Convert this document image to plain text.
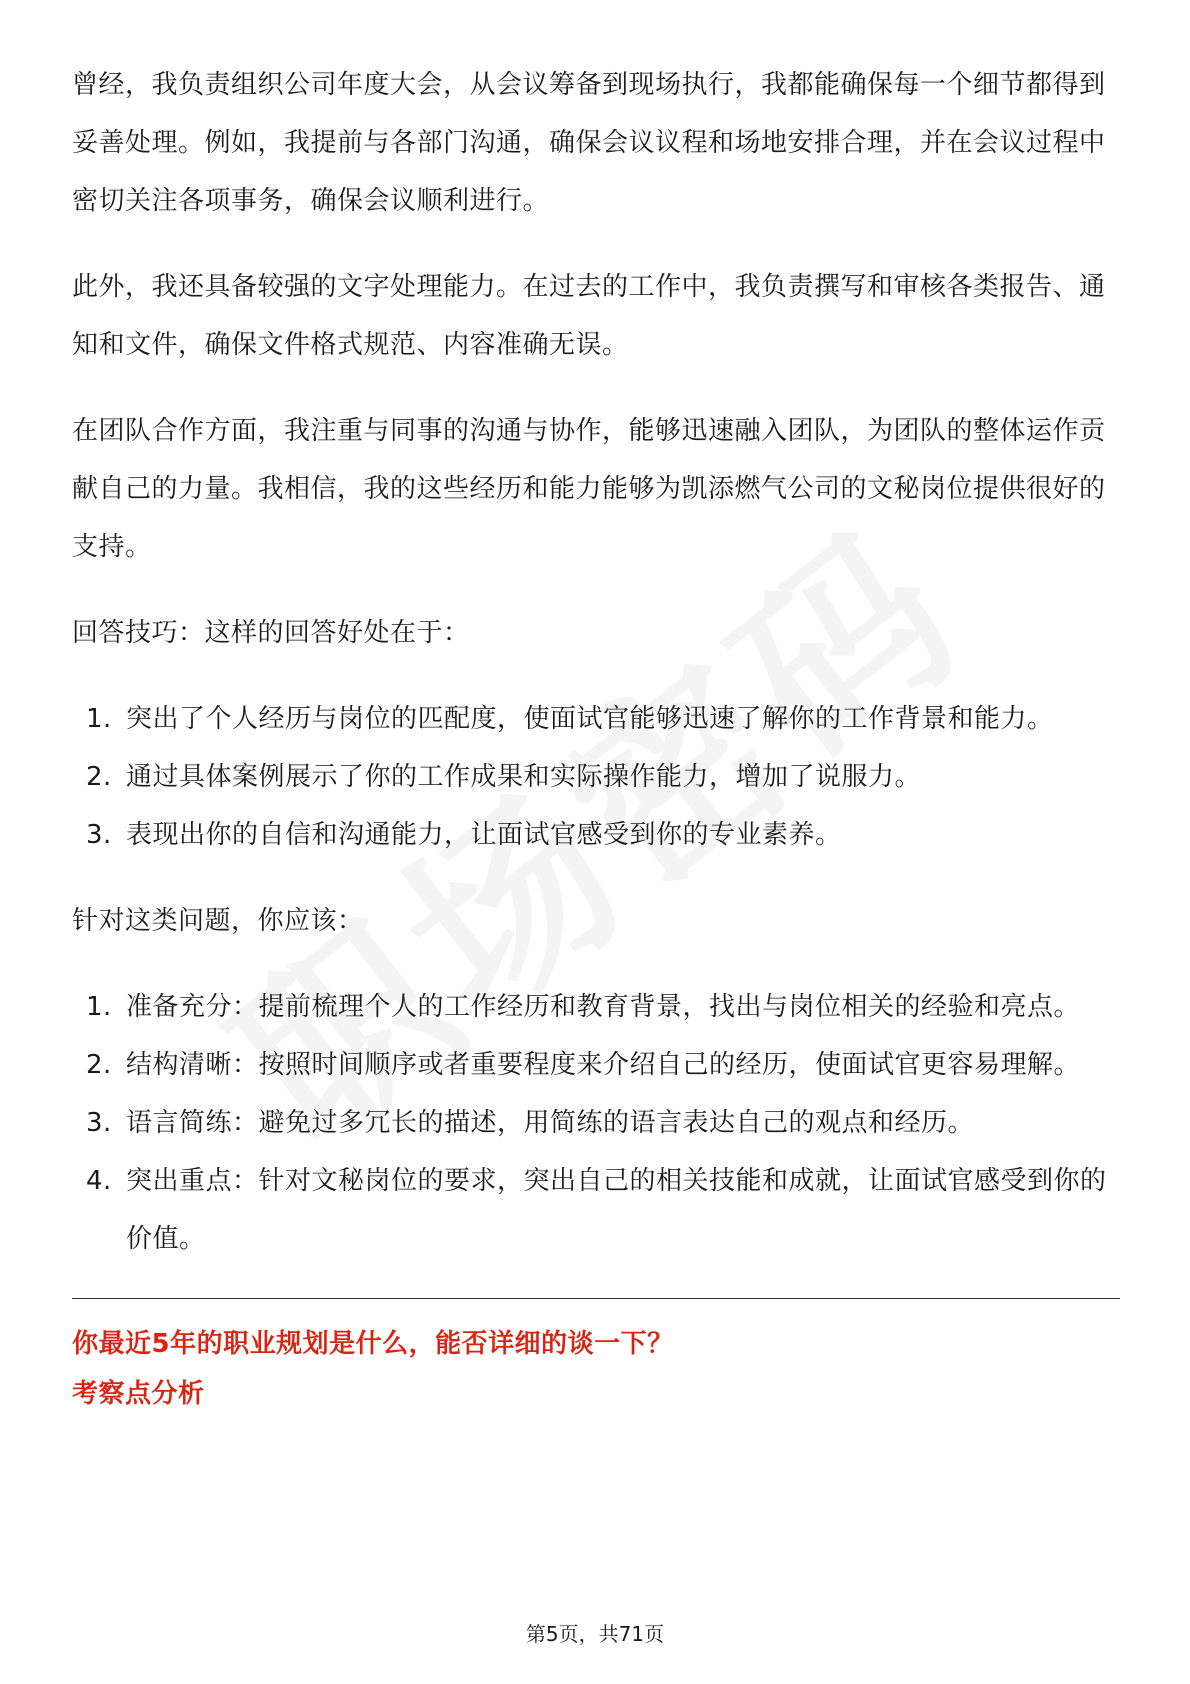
曾经，我负责组织公司年度大会，从会议筹备到现场执行，我都能确保每一个细节都得到妥善处理。例如，我提前与各部门沟通，确保会议议程和场地安排合理，并在会议过程中密切关注各项事务，确保会议顺利进行。

此外，我还具备较强的文字处理能力。在过去的工作中，我负责撰写和审核各类报告、通知和文件，确保文件格式规范、内容准确无误。

在团队合作方面，我注重与同事的沟通与协作，能够迅速融入团队，为团队的整体运作贡献自己的力量。我相信，我的这些经历和能力能够为凯添燃气公司的文秘岗位提供很好的支持。

回答技巧：这样的回答好处在于：

1. 突出了个人经历与岗位的匹配度，使面试官能够迅速了解你的工作背景和能力。
2. 通过具体案例展示了你的工作成果和实际操作能力，增加了说服力。
3. 表现出你的自信和沟通能力，让面试官感受到你的专业素养。

针对这类问题，你应该：

1. 准备充分：提前梳理个人的工作经历和教育背景，找出与岗位相关的经验和亮点。
2. 结构清晰：按照时间顺序或者重要程度来介绍自己的经历，使面试官更容易理解。
3. 语言简练：避免过多冗长的描述，用简练的语言表达自己的观点和经历。
4. 突出重点：针对文秘岗位的要求，突出自己的相关技能和成就，让面试官感受到你的价值。

你最近5年的职业规划是什么，能否详细的谈一下？

考察点分析

第5页，共71页
